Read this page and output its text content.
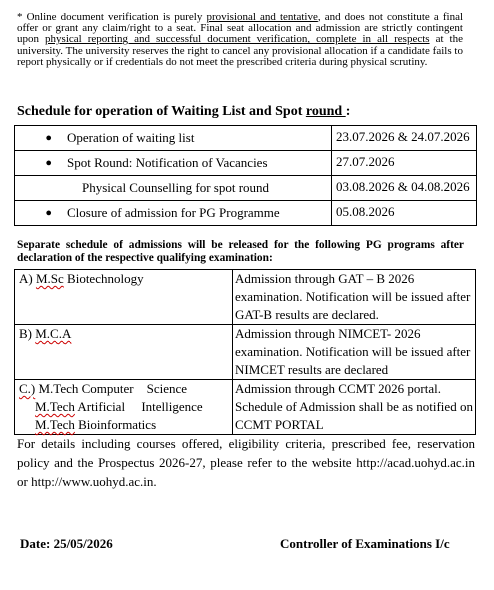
* Online document verification is purely provisional and tentative, and does not constitute a final offer or grant any claim/right to a seat. Final seat allocation and admission are strictly contingent upon physical reporting and successful document verification, complete in all respects at the university. The university reserves the right to cancel any provisional allocation if a candidate fails to report physically or if credentials do not meet the prescribed criteria during physical scrutiny.
Schedule for operation of Waiting List and Spot round :
● Operation of waiting list	23.07.2026 & 24.07.2026

● Spot Round: Notification of Vacancies	27.07.2026

Physical Counselling for spot round	03.08.2026 & 04.08.2026

● Closure of admission for PG Programme	05.08.2026
Separate schedule of admissions will be released for the following PG programs after declaration of the respective qualifying examination:
A) M.Sc Biotechnology	Admission through GAT – B 2026 examination. Notification will be issued after GAT-B results are declared.
B) M.C.A	Admission through NIMCET- 2026 examination. Notification will be issued after NIMCET results are declared

C.) M.Tech Computer    Science
M.Tech Artificial     Intelligence
M.Tech Bioinformatics	Admission through CCMT 2026 portal. Schedule of Admission shall be as notified on CCMT PORTAL
For details including courses offered, eligibility criteria, prescribed fee, reservation policy and the Prospectus 2026-27, please refer to the website http://acad.uohyd.ac.in or http://www.uohyd.ac.in.
Date: 25/05/2026	Controller of Examinations I/c
